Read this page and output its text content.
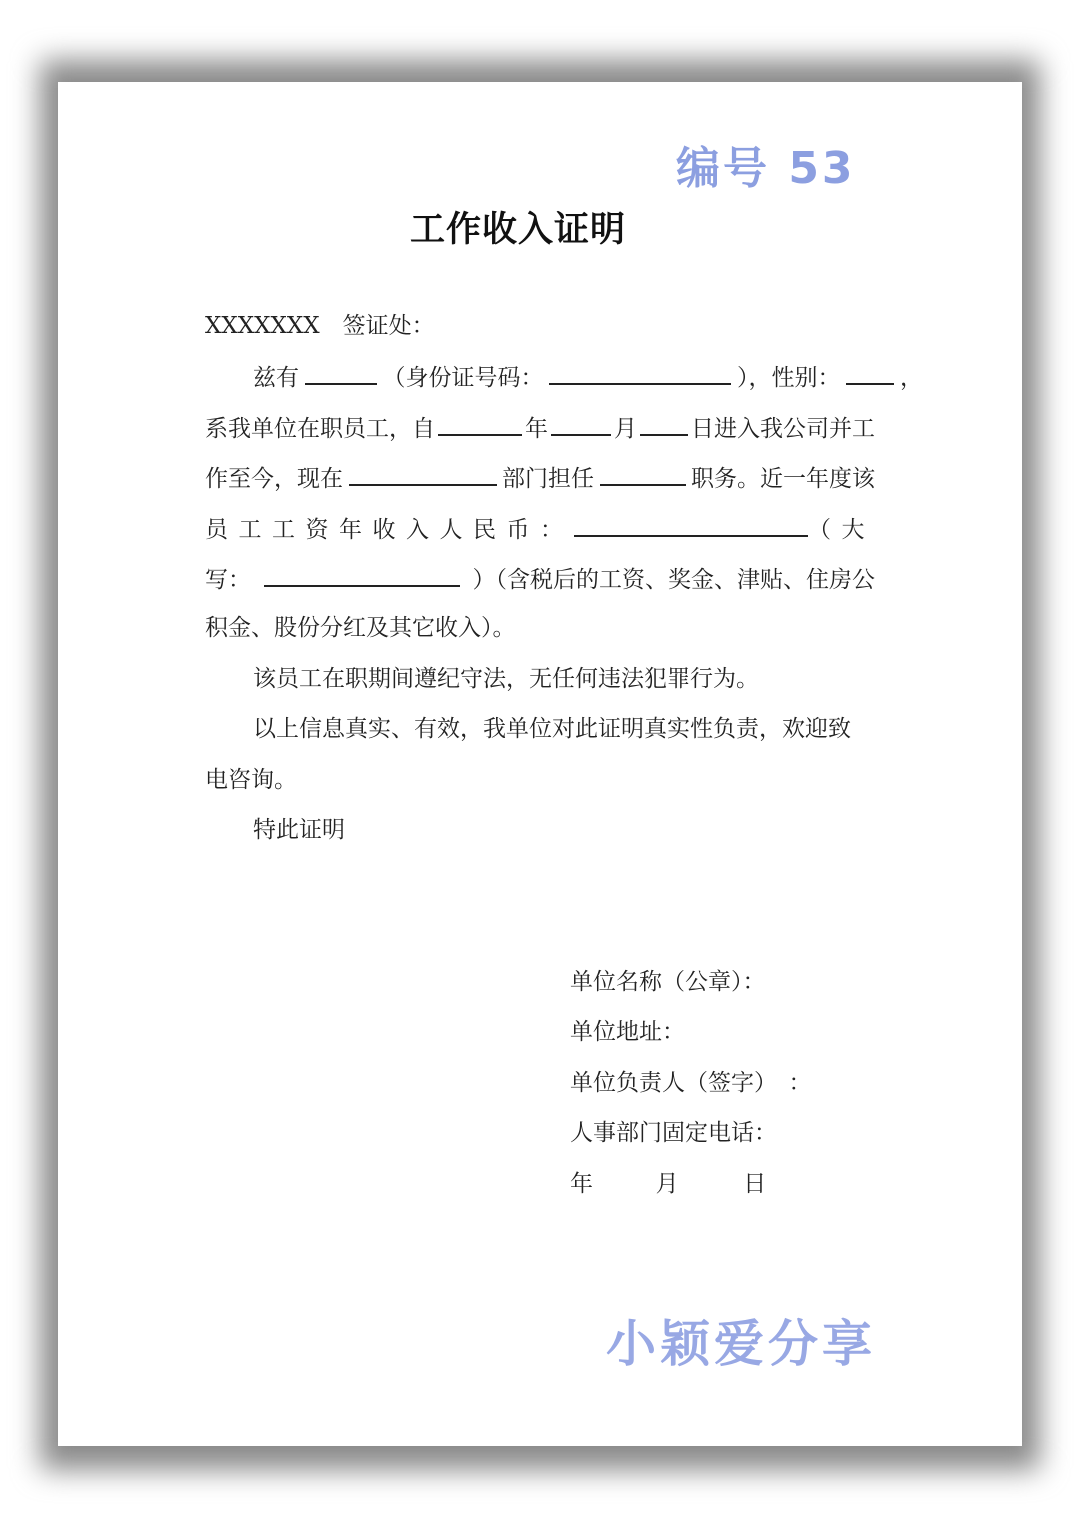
编号 53
工作收入证明
XXXXXXX　签证处：
兹有	（身份证号码：	），性别：	，
系我单位在职员工，自	年	月 日进入我公司并工
作至今，现在	部门担任	职务。近一年度该
员工工资年收入人民币：	（大
写：	）（含税后的工资、奖金、津贴、住房公
积金、股份分红及其它收入）。
该员工在职期间遵纪守法，无任何违法犯罪行为。
以上信息真实、有效，我单位对此证明真实性负责，欢迎致
电咨询。
特此证明
单位名称（公章）：
单位地址：
单位负责人（签字）　：
人事部门固定电话：
年	月	日
小颖爱分享
